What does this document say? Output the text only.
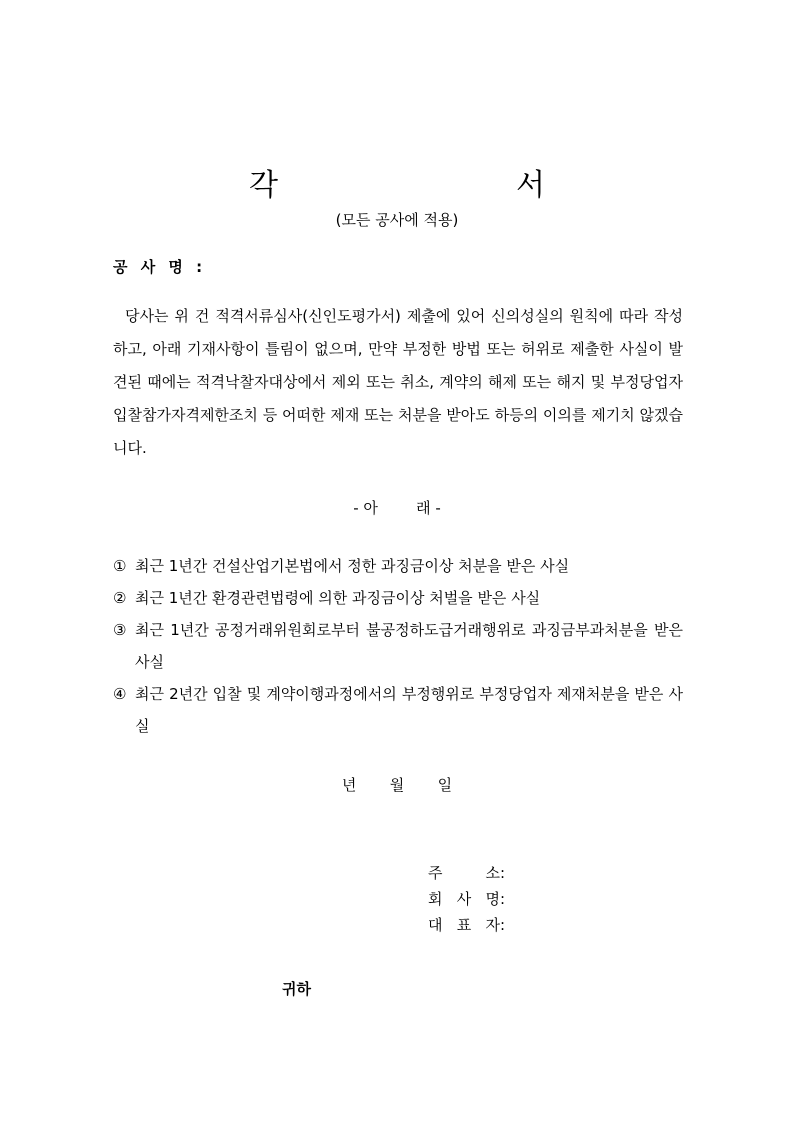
각    서
(모든 공사에 적용)
공 사 명 :
당사는 위 건 적격서류심사(신인도평가서) 제출에 있어 신의성실의 원칙에 따라 작성하고, 아래 기재사항이 틀림이 없으며, 만약 부정한 방법 또는 허위로 제출한 사실이 발견된 때에는 적격낙찰자대상에서 제외 또는 취소, 계약의 해제 또는 해지 및 부정당업자 입찰참가자격제한조치 등 어떠한 제재 또는 처분을 받아도 하등의 이의를 제기치 않겠습니다.
- 아        래 -
① 최근 1년간 건설산업기본법에서 정한 과징금이상 처분을 받은 사실
② 최근 1년간 환경관련법령에 의한 과징금이상 처벌을 받은 사실
③ 최근 1년간 공정거래위원회로부터 불공정하도급거래행위로 과징금부과처분을 받은사실
④ 최근 2년간 입찰 및 계약이행과정에서의 부정행위로 부정당업자 제재처분을 받은 사실
년       월       일
주      소 :
회 사 명 :
대 표 자 :
귀하
